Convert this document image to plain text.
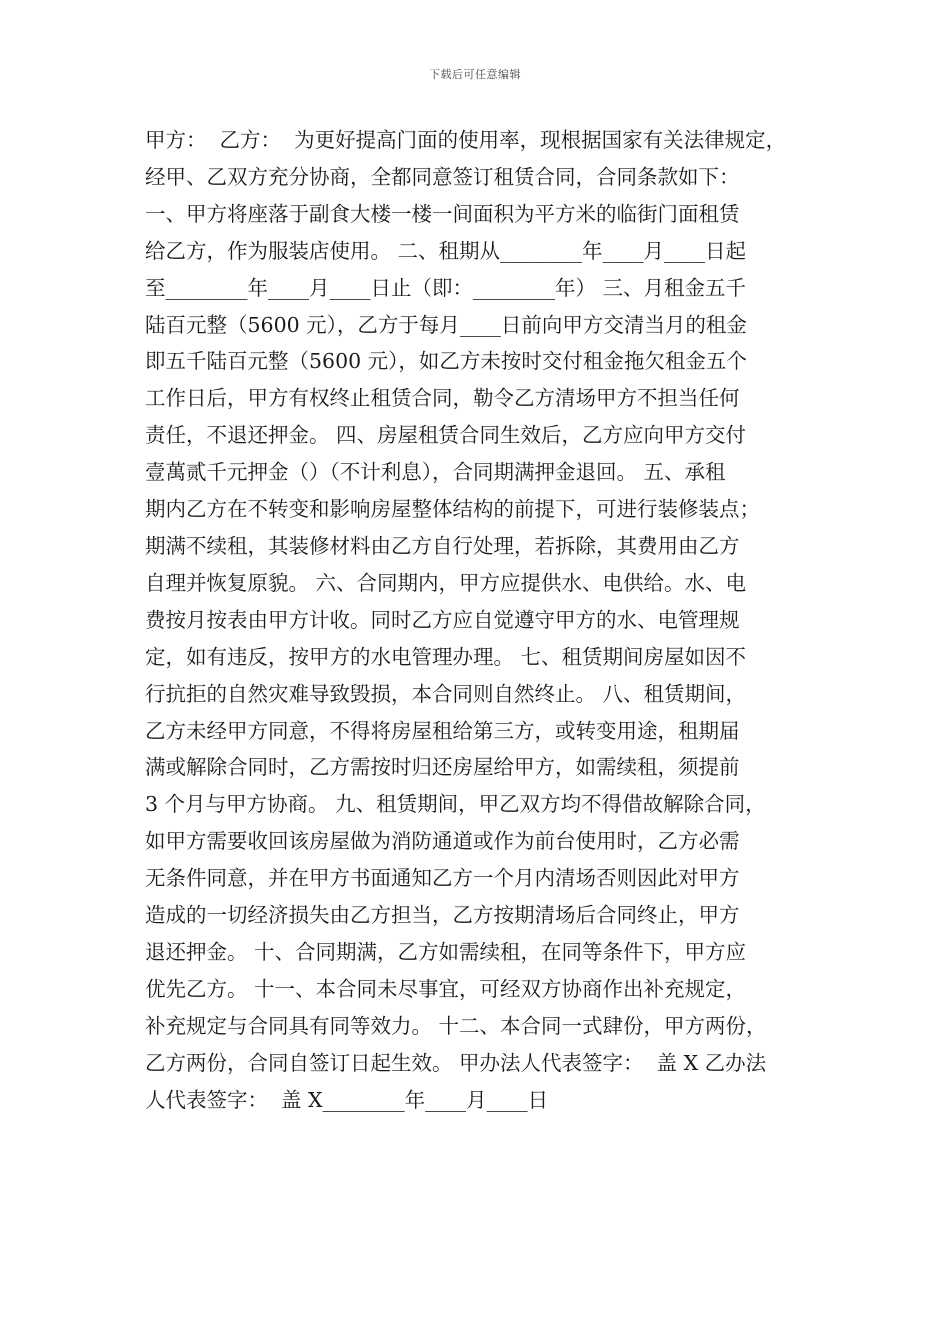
下载后可任意编辑
甲方：  乙方：  为更好提高门面的使用率，现根据国家有关法律规定，
经甲、乙双方充分协商，全都同意签订租赁合同，合同条款如下：
一、甲方将座落于副食大楼一楼一间面积为平方米的临街门面租赁
给乙方，作为服装店使用。 二、租期从________年____月____日起
至________年____月____日止（即：________年） 三、月租金五千
陆百元整（5600 元），乙方于每月____日前向甲方交清当月的租金
即五千陆百元整（5600 元），如乙方未按时交付租金拖欠租金五个
工作日后，甲方有权终止租赁合同，勒令乙方清场甲方不担当任何
责任，不退还押金。 四、房屋租赁合同生效后，乙方应向甲方交付
壹萬贰千元押金（）（不计利息），合同期满押金退回。 五、承租
期内乙方在不转变和影响房屋整体结构的前提下，可进行装修装点；
期满不续租，其装修材料由乙方自行处理，若拆除，其费用由乙方
自理并恢复原貌。 六、合同期内，甲方应提供水、电供给。水、电
费按月按表由甲方计收。同时乙方应自觉遵守甲方的水、电管理规
定，如有违反，按甲方的水电管理办理。 七、租赁期间房屋如因不
行抗拒的自然灾难导致毁损，本合同则自然终止。 八、租赁期间，
乙方未经甲方同意，不得将房屋租给第三方，或转变用途，租期届
满或解除合同时，乙方需按时归还房屋给甲方，如需续租，须提前
3 个月与甲方协商。 九、租赁期间，甲乙双方均不得借故解除合同，
如甲方需要收回该房屋做为消防通道或作为前台使用时，乙方必需
无条件同意，并在甲方书面通知乙方一个月内清场否则因此对甲方
造成的一切经济损失由乙方担当，乙方按期清场后合同终止，甲方
退还押金。 十、合同期满，乙方如需续租，在同等条件下，甲方应
优先乙方。 十一、本合同未尽事宜，可经双方协商作出补充规定，
补充规定与合同具有同等效力。 十二、本合同一式肆份，甲方两份，
乙方两份，合同自签订日起生效。 甲办法人代表签字：  盖 X 乙办法
人代表签字：  盖 X________年____月____日
